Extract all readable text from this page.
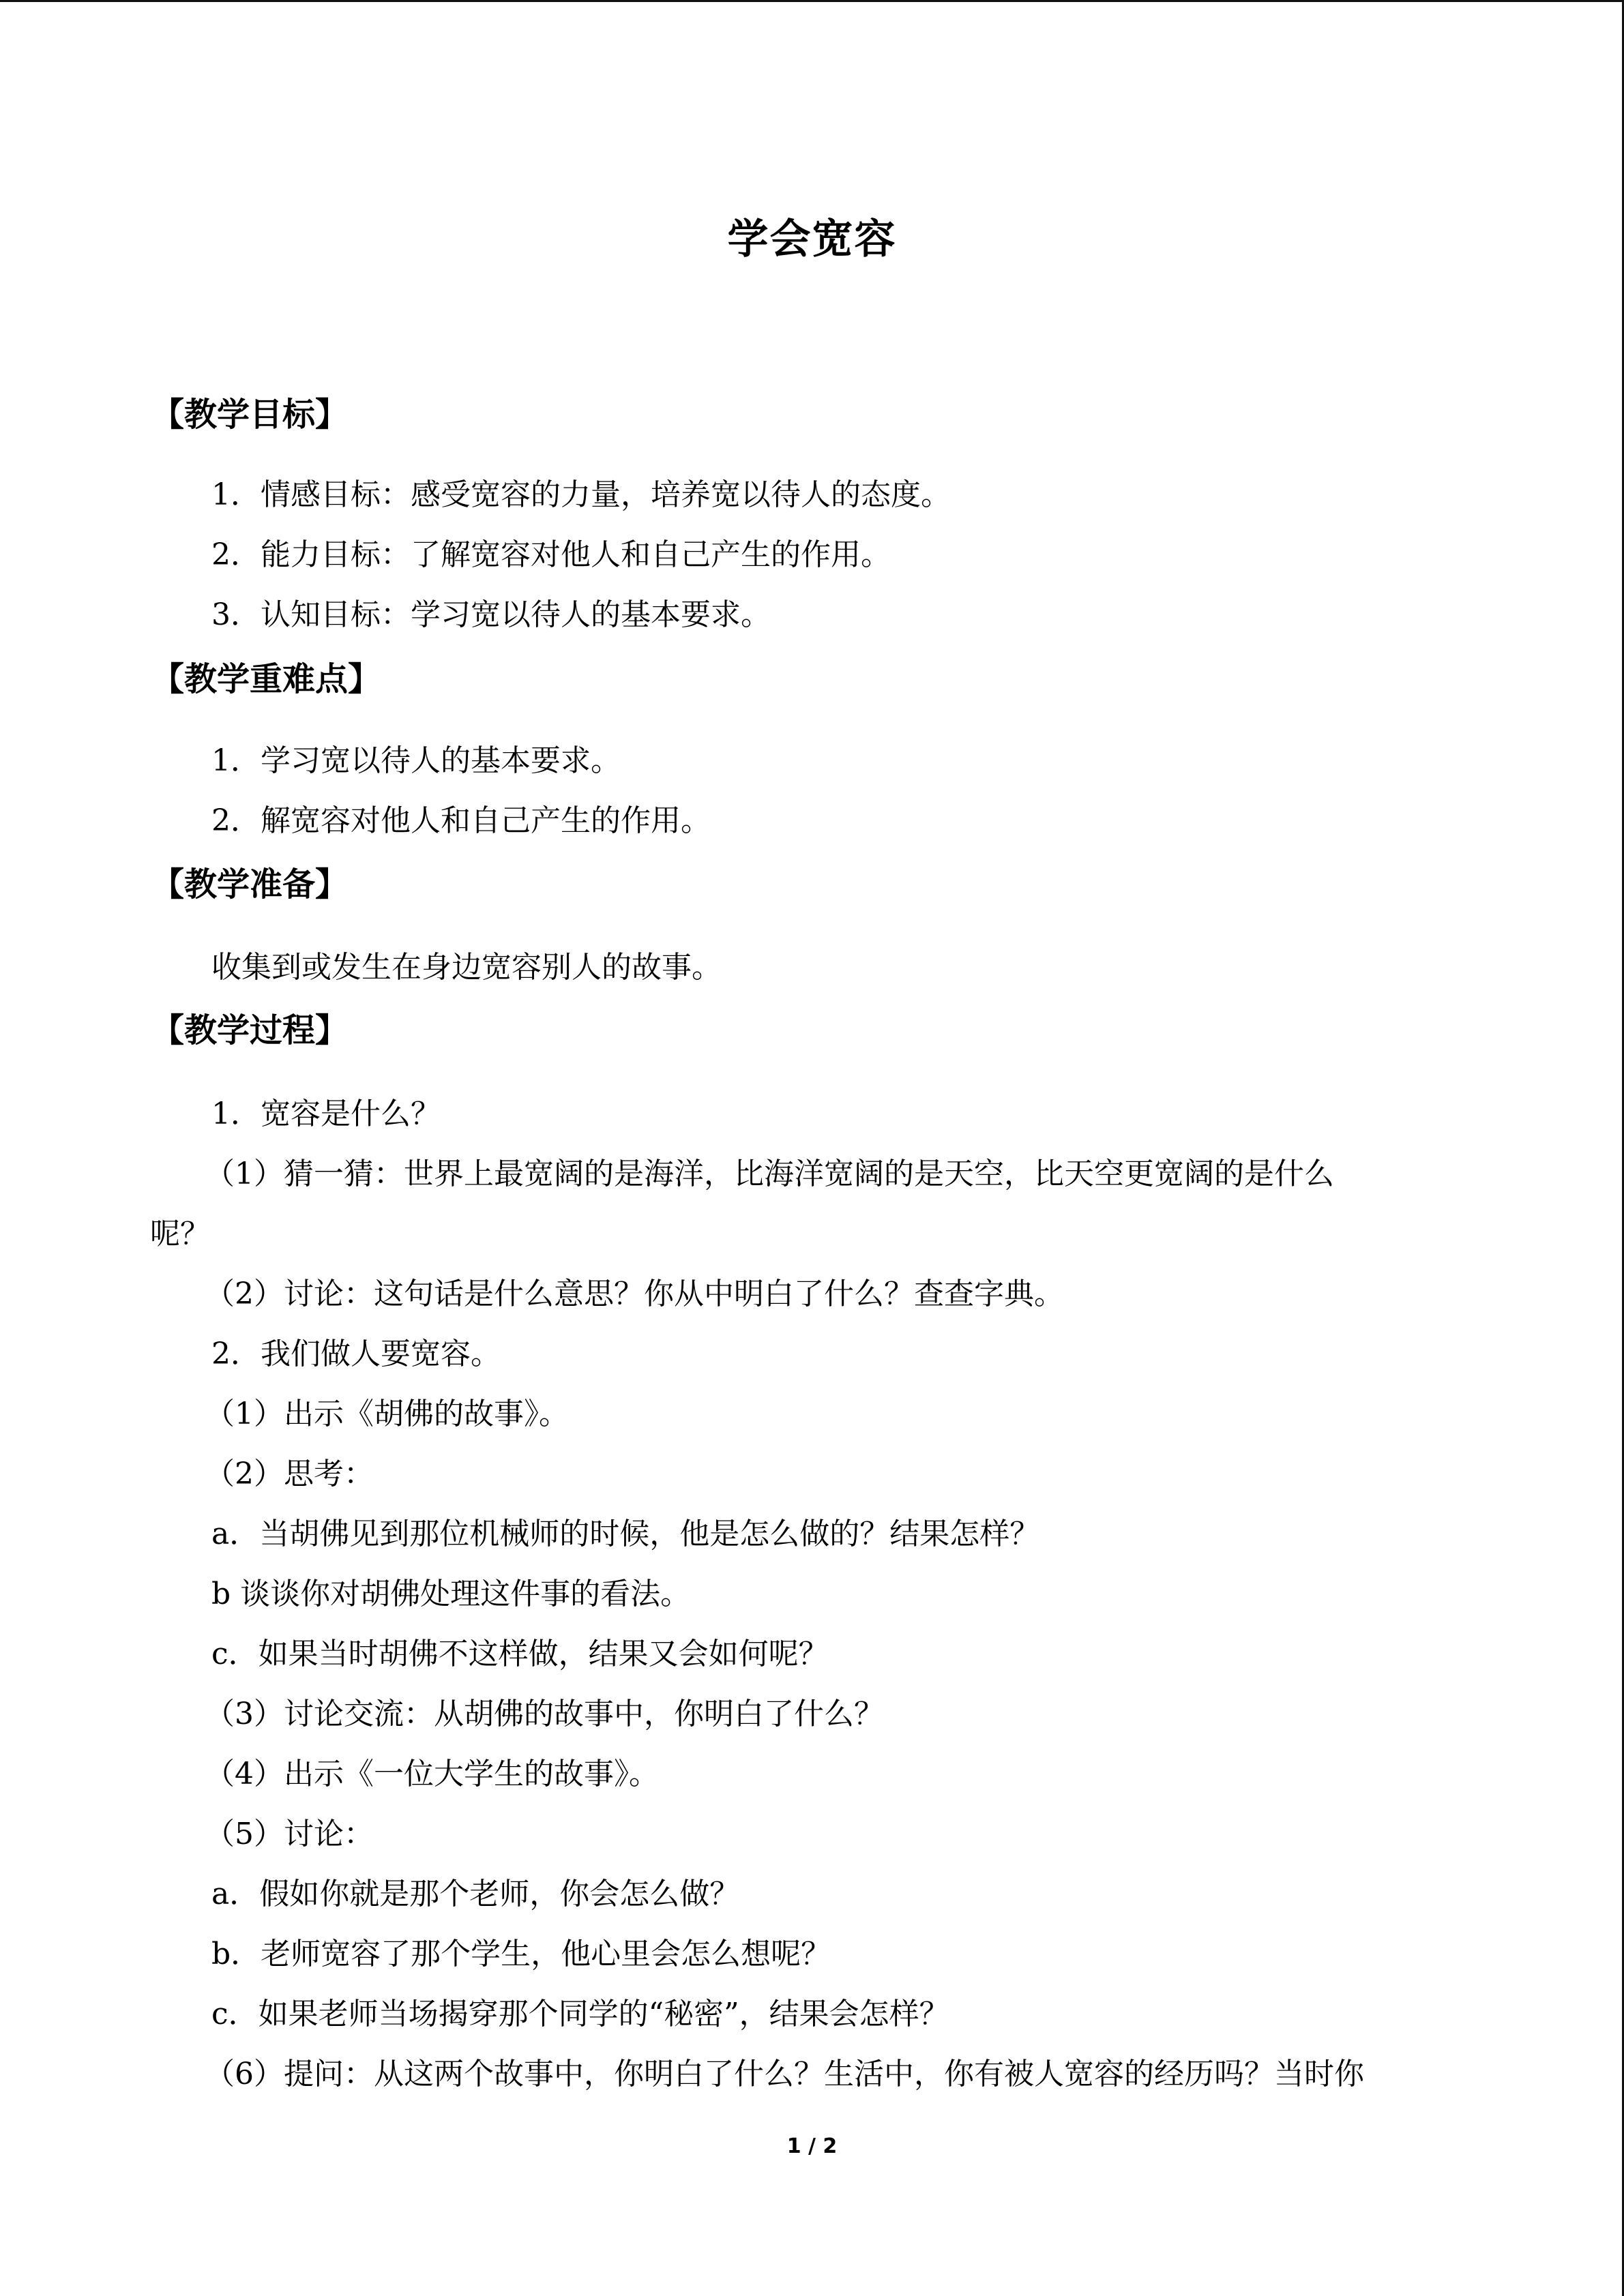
学会宽容
【教学目标】
1．情感目标：感受宽容的力量，培养宽以待人的态度。
2．能力目标：了解宽容对他人和自己产生的作用。
3．认知目标：学习宽以待人的基本要求。
【教学重难点】
1．学习宽以待人的基本要求。
2．解宽容对他人和自己产生的作用。
【教学准备】
收集到或发生在身边宽容别人的故事。
【教学过程】
1．宽容是什么？
（1）猜一猜：世界上最宽阔的是海洋，比海洋宽阔的是天空，比天空更宽阔的是什么
呢？
（2）讨论：这句话是什么意思？你从中明白了什么？查查字典。
2．我们做人要宽容。
（1）出示《胡佛的故事》。
（2）思考：
a．当胡佛见到那位机械师的时候，他是怎么做的？结果怎样？
b 谈谈你对胡佛处理这件事的看法。
c．如果当时胡佛不这样做，结果又会如何呢？
（3）讨论交流：从胡佛的故事中，你明白了什么？
（4）出示《一位大学生的故事》。
（5）讨论：
a．假如你就是那个老师，你会怎么做？
b．老师宽容了那个学生，他心里会怎么想呢？
c．如果老师当场揭穿那个同学的“秘密”，结果会怎样？
（6）提问：从这两个故事中，你明白了什么？生活中，你有被人宽容的经历吗？当时你
1 / 2
